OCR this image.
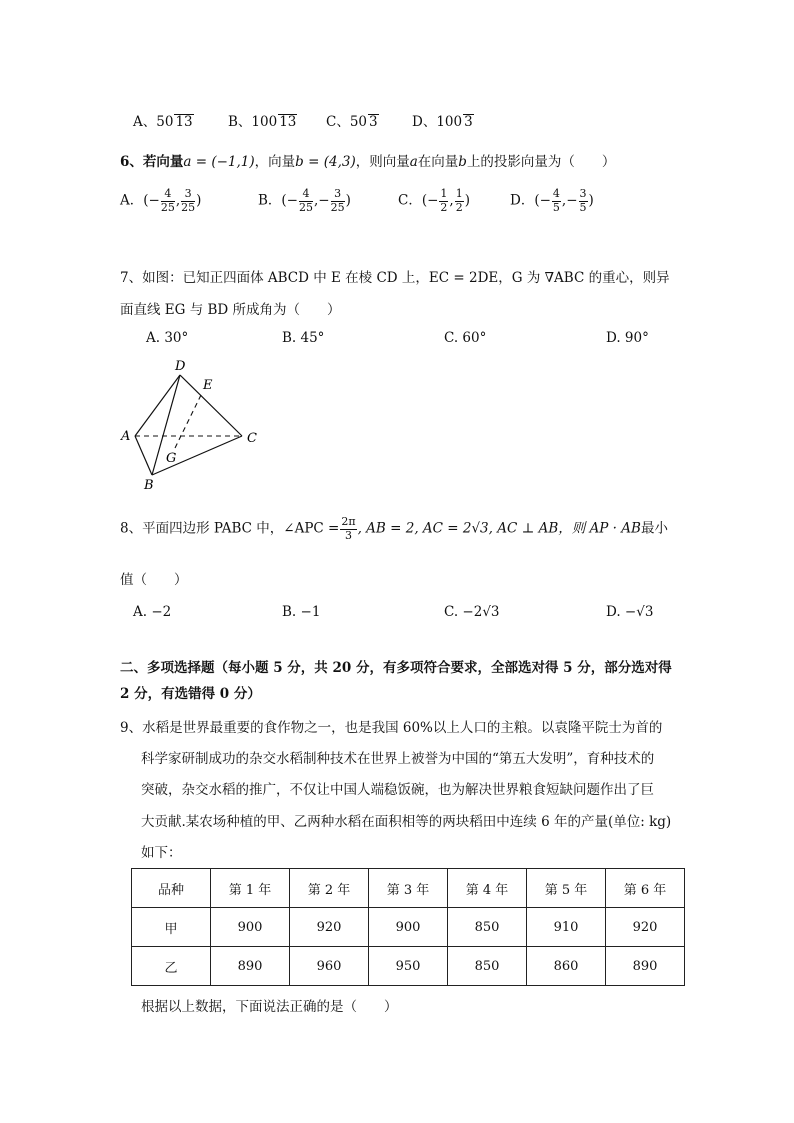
A、50 13	B、100 13 C、50 3	D、100 3
6、若向量a = (−1,1)，向量b = (4,3)，则向量a在向量b上的投影向量为（　　）
A．(− $\frac{4}{25}$ , $\frac{3}{25}$ )	B．(− $\frac{4}{25}$ ,− $\frac{3}{25}$ )	C．(− $\frac{1}{2}$ , $\frac{1}{2}$ )	D．(− $\frac{4}{5}$ ,− $\frac{3}{5}$ )
7、如图：已知正四面体 ABCD 中 E 在棱 CD 上，EC = 2DE，G 为 ∇ABC 的重心，则异
面直线 EG 与 BD 所成角为（　　）
A. 30°	B. 45°	C. 60°	D. 90°
D
E
A	C
G
B
8、平面四边形 PABC 中，∠APC = $\frac{2\pi}{3}$ , AB = 2, AC = 2√3, AC ⊥ AB，则 AP · AB最小
值（　　）
A. −2	B. −1	C. −2√3	D. −√3
二、多项选择题（每小题 5 分，共 20 分，有多项符合要求，全部选对得 5 分，部分选对得
2 分，有选错得 0 分）
9、水稻是世界最重要的食作物之一，也是我国 60%以上人口的主粮。以袁隆平院士为首的
科学家研制成功的杂交水稻制种技术在世界上被誉为中国的“第五大发明”，育种技术的
突破，杂交水稻的推广，不仅让中国人端稳饭碗，也为解决世界粮食短缺问题作出了巨
大贡献.某农场种植的甲、乙两种水稻在面积相等的两块稻田中连续 6 年的产量(单位: kg)
如下：
品种	第 1 年	第 2 年	第 3 年	第 4 年	第 5 年	第 6 年
甲	900	920	900	850	910	920
乙	890	960	950	850	860	890
根据以上数据，下面说法正确的是（　　）
